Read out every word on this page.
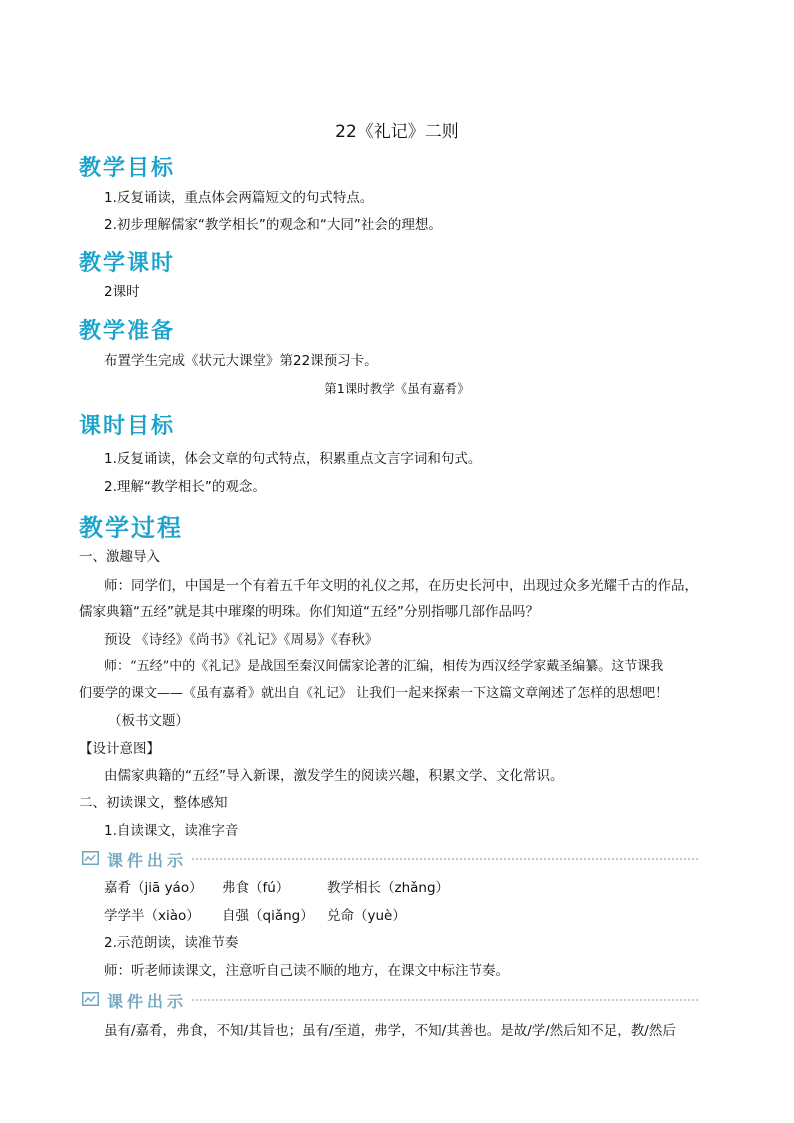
22《礼记》二则
教学目标
1.反复诵读，重点体会两篇短文的句式特点。
2.初步理解儒家“教学相长”的观念和“大同”社会的理想。
教学课时
2课时
教学准备
布置学生完成《状元大课堂》第22课预习卡。
第1课时教学《虽有嘉肴》
课时目标
1.反复诵读，体会文章的句式特点，积累重点文言字词和句式。
2.理解“教学相长”的观念。
教学过程
一、激趣导入
师：同学们，中国是一个有着五千年文明的礼仪之邦，在历史长河中，出现过众多光耀千古的作品，
儒家典籍“五经”就是其中璀璨的明珠。你们知道“五经”分别指哪几部作品吗？
预设 《诗经》《尚书》《礼记》《周易》《春秋》
师：“五经”中的《礼记》是战国至秦汉间儒家论著的汇编，相传为西汉经学家戴圣编纂。这节课我
们要学的课文——《虽有嘉肴》就出自《礼记》 让我们一起来探索一下这篇文章阐述了怎样的思想吧！
（板书文题）
【设计意图】
由儒家典籍的“五经”导入新课，激发学生的阅读兴趣，积累文学、文化常识。
二、初读课文，整体感知
1.自读课文，读准字音
课件出示
嘉肴（jiā yáo） 弗食（fú）	教学相长（zhǎng）
学学半（xiào） 自强（qiǎng） 兑命（yuè）
2.示范朗读，读准节奏
师：听老师读课文，注意听自己读不顺的地方，在课文中标注节奏。
课件出示
虽有/嘉肴，弗食，不知/其旨也；虽有/至道，弗学，不知/其善也。是故/学/然后知不足，教/然后
